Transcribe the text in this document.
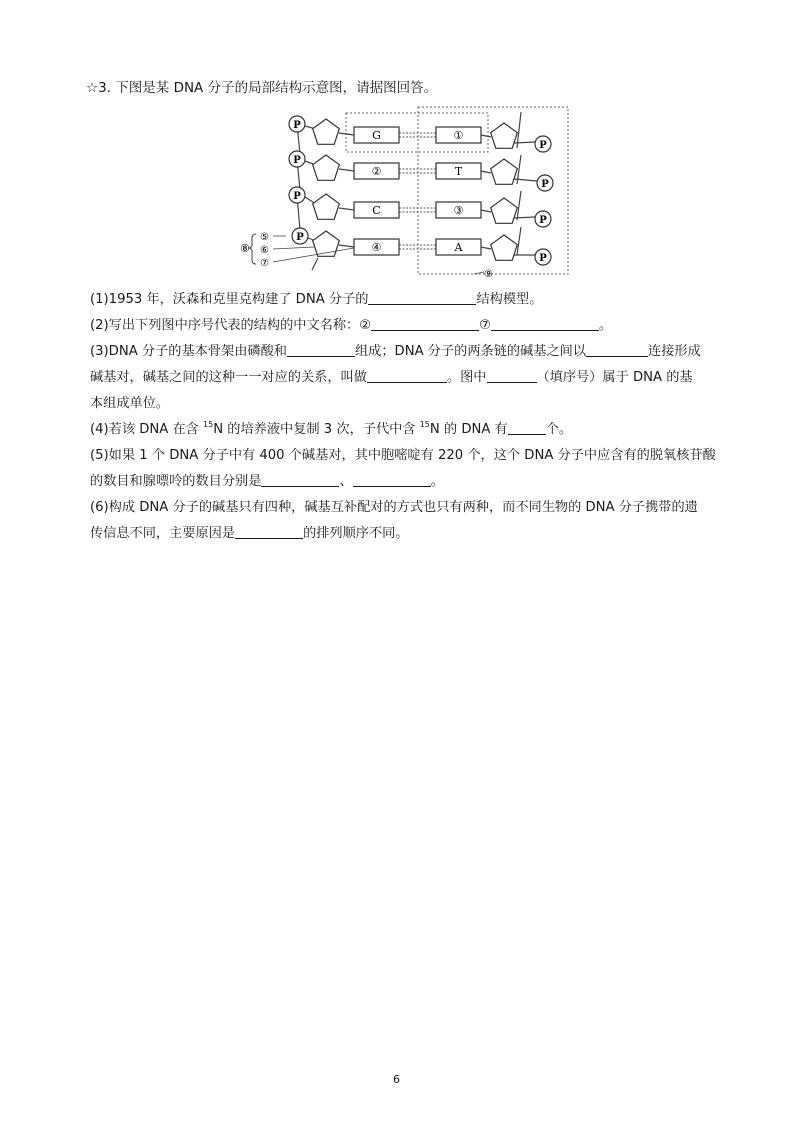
☆3. 下图是某 DNA 分子的局部结构示意图，请据图回答。
P
G
P
②
P
C
P
④
①
P
T
P
③
P
A
P
⑧
⑤
⑥
⑦
⑨
(1)1953 年，沃森和克里克构建了 DNA 分子的	结构模型。
(2)写出下列图中序号代表的结构的中文名称：②	⑦	。
(3)DNA 分子的基本骨架由磷酸和	组成；DNA 分子的两条链的碱基之间以	连接形成
碱基对，碱基之间的这种一一对应的关系，叫做	。图中	（填序号）属于 DNA 的基
本组成单位。
(4)若该 DNA 在含 $^{15}$N 的培养液中复制 3 次，子代中含 $^{15}$N 的 DNA 有	个。
(5)如果 1 个 DNA 分子中有 400 个碱基对，其中胞嘧啶有 220 个，这个 DNA 分子中应含有的脱氧核苷酸
的数目和腺嘌呤的数目分别是	、	。
(6)构成 DNA 分子的碱基只有四种，碱基互补配对的方式也只有两种，而不同生物的 DNA 分子携带的遗
传信息不同，主要原因是	的排列顺序不同。
6
